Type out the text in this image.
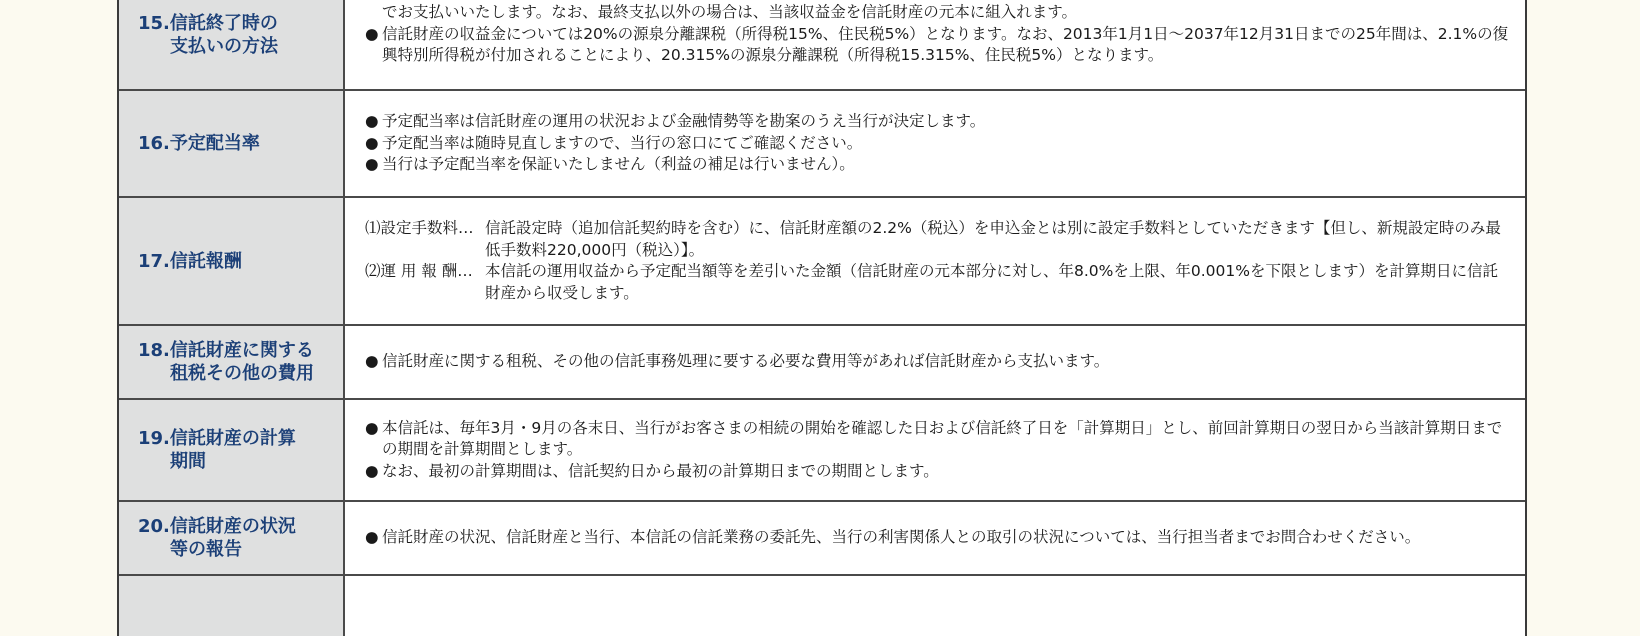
15.信託終了時の
支払いの方法
でお支払いいたします。なお、最終支払以外の場合は、当該収益金を信託財産の元本に組入れます。
● 信託財産の収益金については20%の源泉分離課税（所得税15%、住民税5%）となります。なお、2013年1月1日〜2037年12月31日までの25年間は、2.1%の復興特別所得税が付加されることにより、20.315%の源泉分離課税（所得税15.315%、住民税5%）となります。
16.予定配当率
● 予定配当率は信託財産の運用の状況および金融情勢等を勘案のうえ当行が決定します。
● 予定配当率は随時見直しますので、当行の窓口にてご確認ください。
● 当行は予定配当率を保証いたしません（利益の補足は行いません）。
17.信託報酬
⑴設定手数料… 信託設定時（追加信託契約時を含む）に、信託財産額の2.2%（税込）を申込金とは別に設定手数料としていただきます【但し、新規設定時のみ最低手数料220,000円（税込）】。
⑵運 用 報 酬… 本信託の運用収益から予定配当額等を差引いた金額（信託財産の元本部分に対し、年8.0%を上限、年0.001%を下限とします）を計算期日に信託財産から収受します。
18.信託財産に関する
租税その他の費用
● 信託財産に関する租税、その他の信託事務処理に要する必要な費用等があれば信託財産から支払います。
19.信託財産の計算
期間
● 本信託は、毎年3月・9月の各末日、当行がお客さまの相続の開始を確認した日および信託終了日を「計算期日」とし、前回計算期日の翌日から当該計算期日までの期間を計算期間とします。
● なお、最初の計算期間は、信託契約日から最初の計算期日までの期間とします。
20.信託財産の状況
等の報告
● 信託財産の状況、信託財産と当行、本信託の信託業務の委託先、当行の利害関係人との取引の状況については、当行担当者までお問合わせください。
